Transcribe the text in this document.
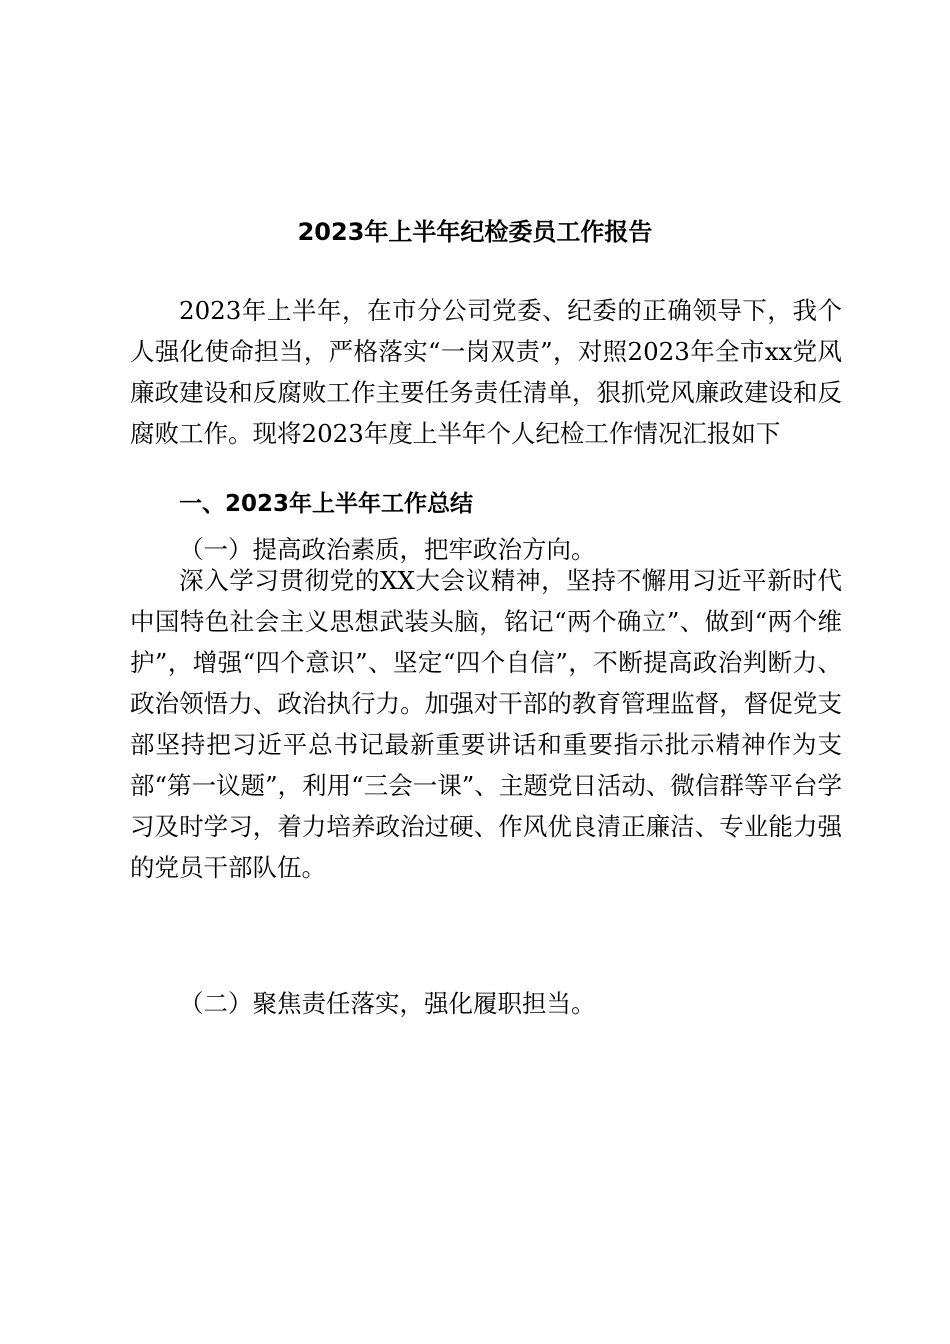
2023年上半年纪检委员工作报告

2023年上半年，在市分公司党委、纪委的正确领导下，我个人强化使命担当，严格落实“一岗双责”，对照2023年全市xx党风廉政建设和反腐败工作主要任务责任清单，狠抓党风廉政建设和反腐败工作。现将2023年度上半年个人纪检工作情况汇报如下

一、2023年上半年工作总结
（一）提高政治素质，把牢政治方向。

深入学习贯彻党的XX大会议精神，坚持不懈用习近平新时代中国特色社会主义思想武装头脑，铭记“两个确立”、做到“两个维护”，增强“四个意识”、坚定“四个自信”，不断提高政治判断力、政治领悟力、政治执行力。加强对干部的教育管理监督，督促党支部坚持把习近平总书记最新重要讲话和重要指示批示精神作为支部“第一议题”，利用“三会一课”、主题党日活动、微信群等平台学习及时学习，着力培养政治过硬、作风优良清正廉洁、专业能力强的党员干部队伍。

（二）聚焦责任落实，强化履职担当。
